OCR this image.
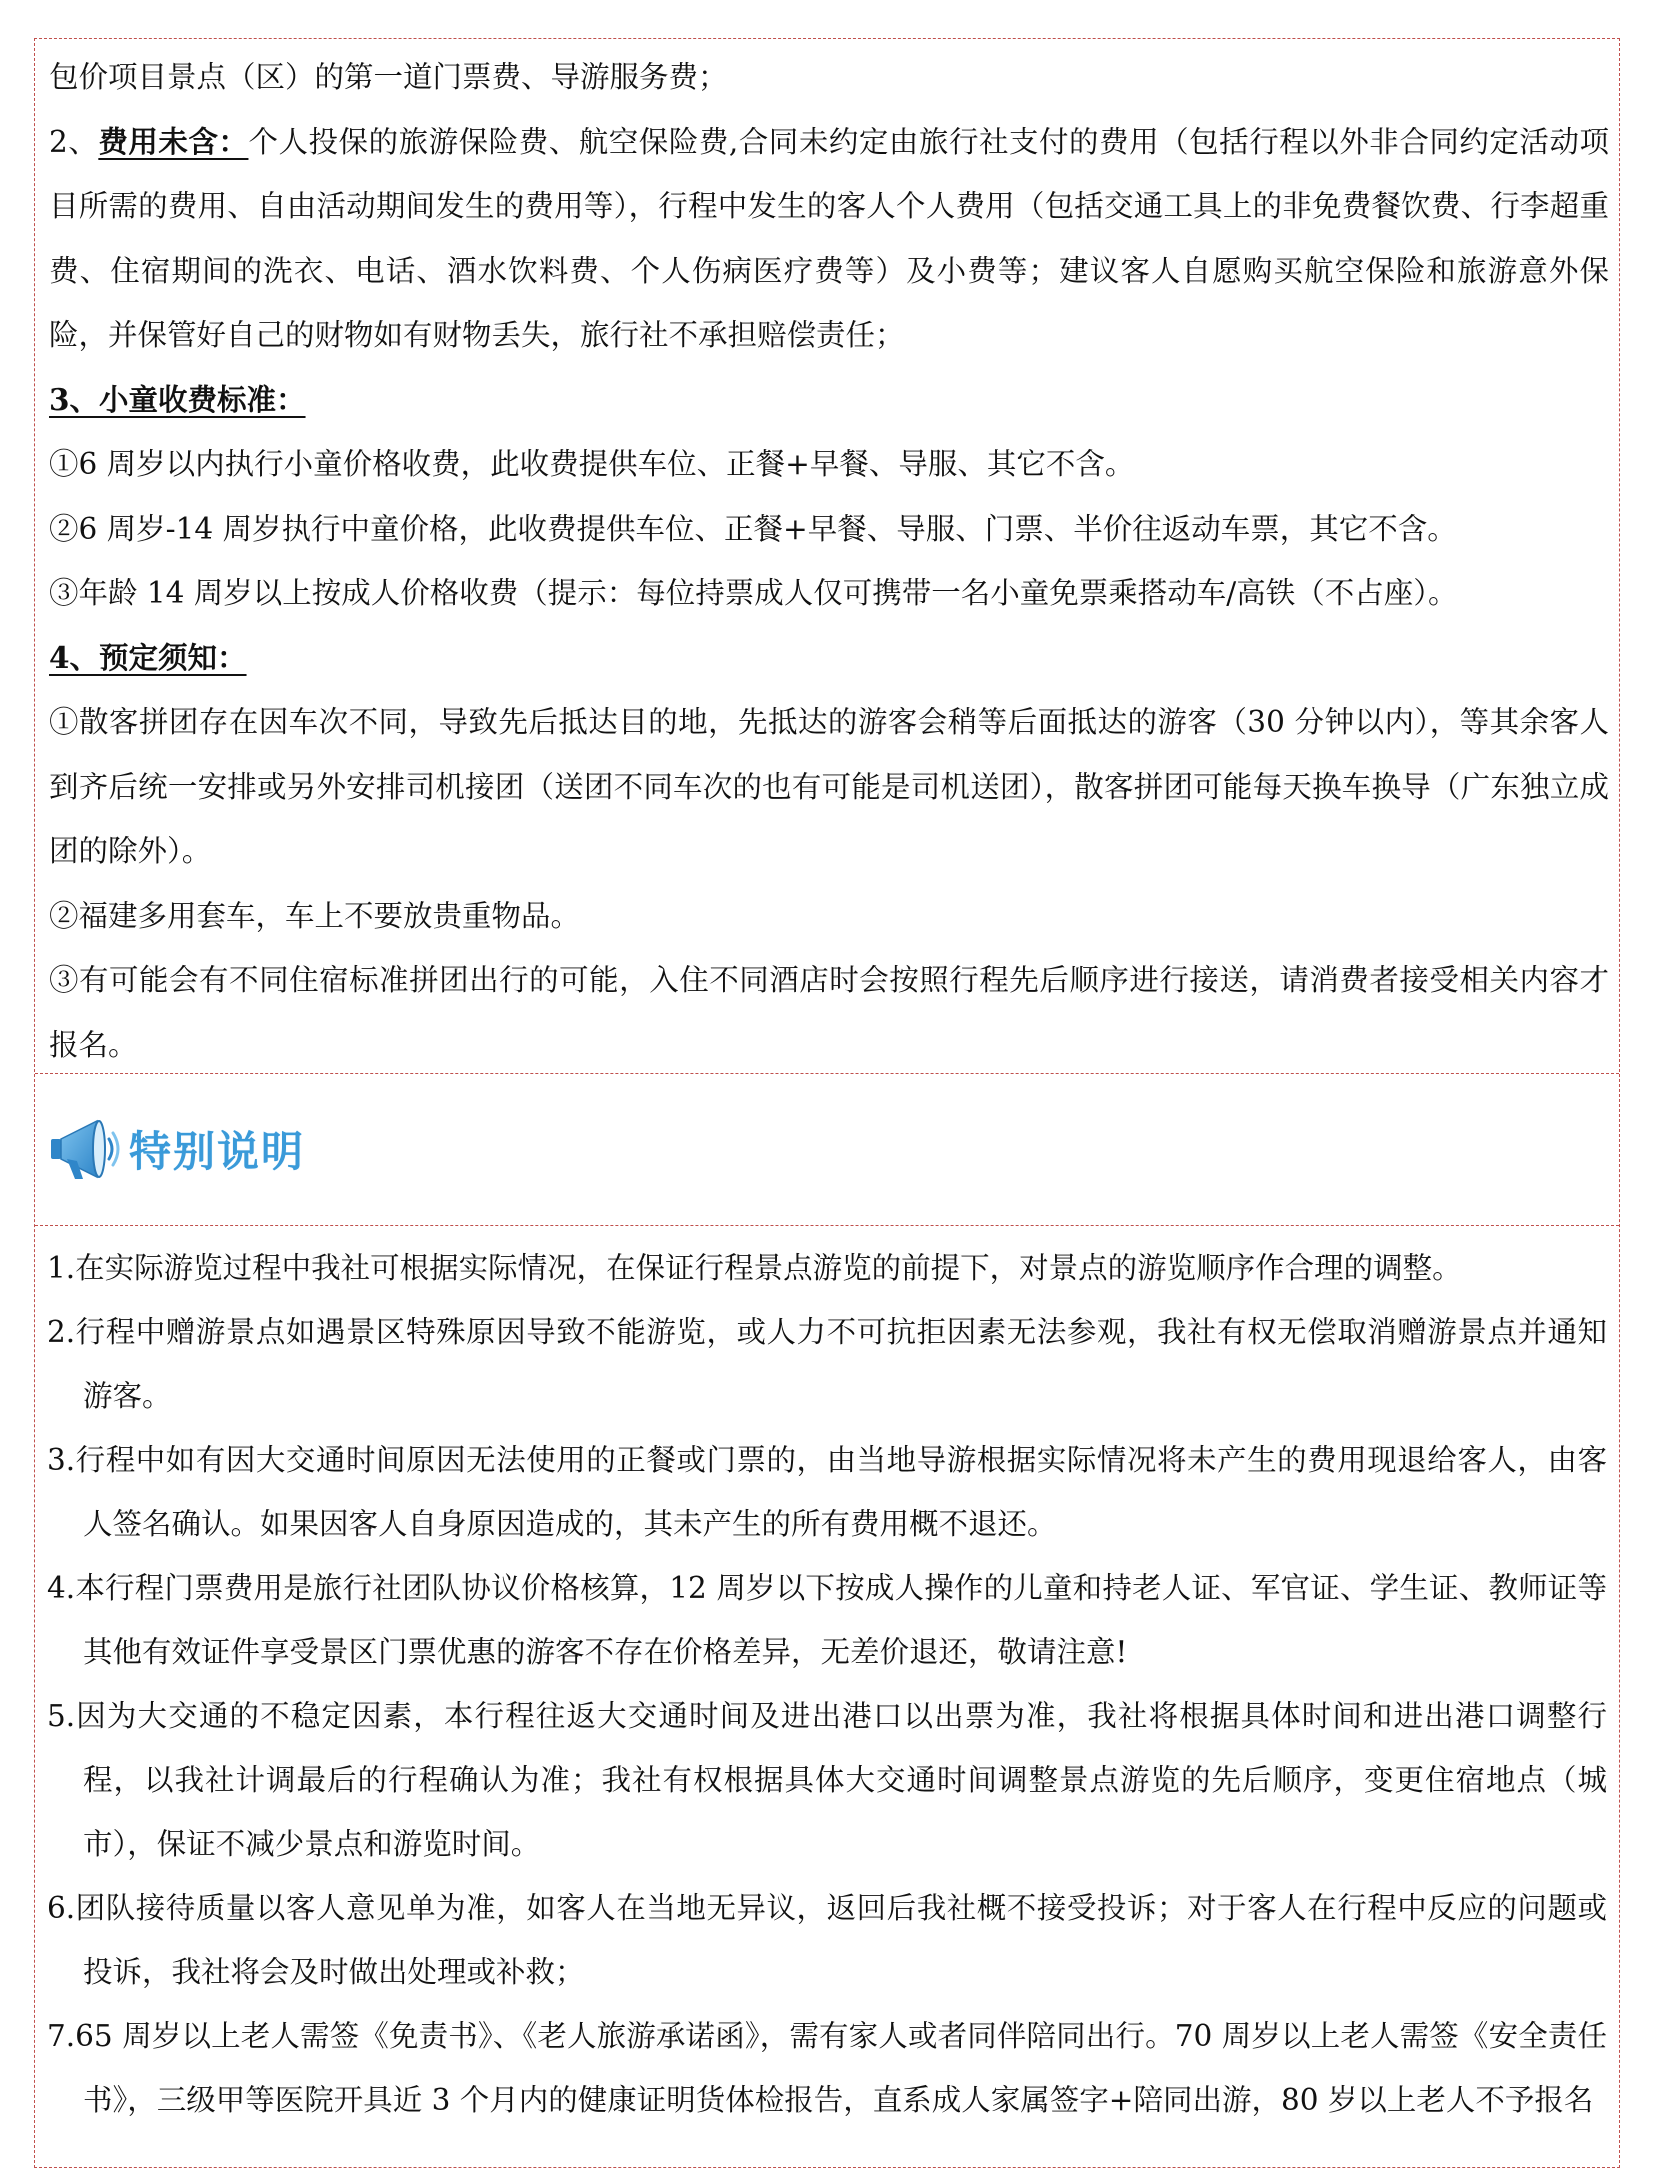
包价项目景点（区）的第一道门票费、导游服务费；

2、费用未含：个人投保的旅游保险费、航空保险费,合同未约定由旅行社支付的费用（包括行程以外非合同约定活动项目所需的费用、自由活动期间发生的费用等），行程中发生的客人个人费用（包括交通工具上的非免费餐饮费、行李超重费、住宿期间的洗衣、电话、酒水饮料费、个人伤病医疗费等）及小费等；建议客人自愿购买航空保险和旅游意外保险，并保管好自己的财物如有财物丢失，旅行社不承担赔偿责任；

3、小童收费标准：

①6 周岁以内执行小童价格收费，此收费提供车位、正餐+早餐、导服、其它不含。

②6 周岁-14 周岁执行中童价格，此收费提供车位、正餐+早餐、导服、门票、半价往返动车票，其它不含。

③年龄 14 周岁以上按成人价格收费（提示：每位持票成人仅可携带一名小童免票乘搭动车/高铁（不占座）。

4、预定须知：

①散客拼团存在因车次不同，导致先后抵达目的地，先抵达的游客会稍等后面抵达的游客（30 分钟以内），等其余客人到齐后统一安排或另外安排司机接团（送团不同车次的也有可能是司机送团），散客拼团可能每天换车换导（广东独立成团的除外）。

②福建多用套车，车上不要放贵重物品。

③有可能会有不同住宿标准拼团出行的可能，入住不同酒店时会按照行程先后顺序进行接送，请消费者接受相关内容才报名。

特别说明

1.在实际游览过程中我社可根据实际情况，在保证行程景点游览的前提下，对景点的游览顺序作合理的调整。

2.行程中赠游景点如遇景区特殊原因导致不能游览，或人力不可抗拒因素无法参观，我社有权无偿取消赠游景点并通知游客。

3.行程中如有因大交通时间原因无法使用的正餐或门票的，由当地导游根据实际情况将未产生的费用现退给客人，由客人签名确认。如果因客人自身原因造成的，其未产生的所有费用概不退还。

4.本行程门票费用是旅行社团队协议价格核算，12 周岁以下按成人操作的儿童和持老人证、军官证、学生证、教师证等其他有效证件享受景区门票优惠的游客不存在价格差异，无差价退还，敬请注意!

5.因为大交通的不稳定因素，本行程往返大交通时间及进出港口以出票为准，我社将根据具体时间和进出港口调整行程，以我社计调最后的行程确认为准；我社有权根据具体大交通时间调整景点游览的先后顺序，变更住宿地点（城市），保证不减少景点和游览时间。

6.团队接待质量以客人意见单为准，如客人在当地无异议，返回后我社概不接受投诉；对于客人在行程中反应的问题或投诉，我社将会及时做出处理或补救；

7.65 周岁以上老人需签《免责书》、《老人旅游承诺函》，需有家人或者同伴陪同出行。70 周岁以上老人需签《安全责任书》，三级甲等医院开具近 3 个月内的健康证明货体检报告，直系成人家属签字+陪同出游，80 岁以上老人不予报名
